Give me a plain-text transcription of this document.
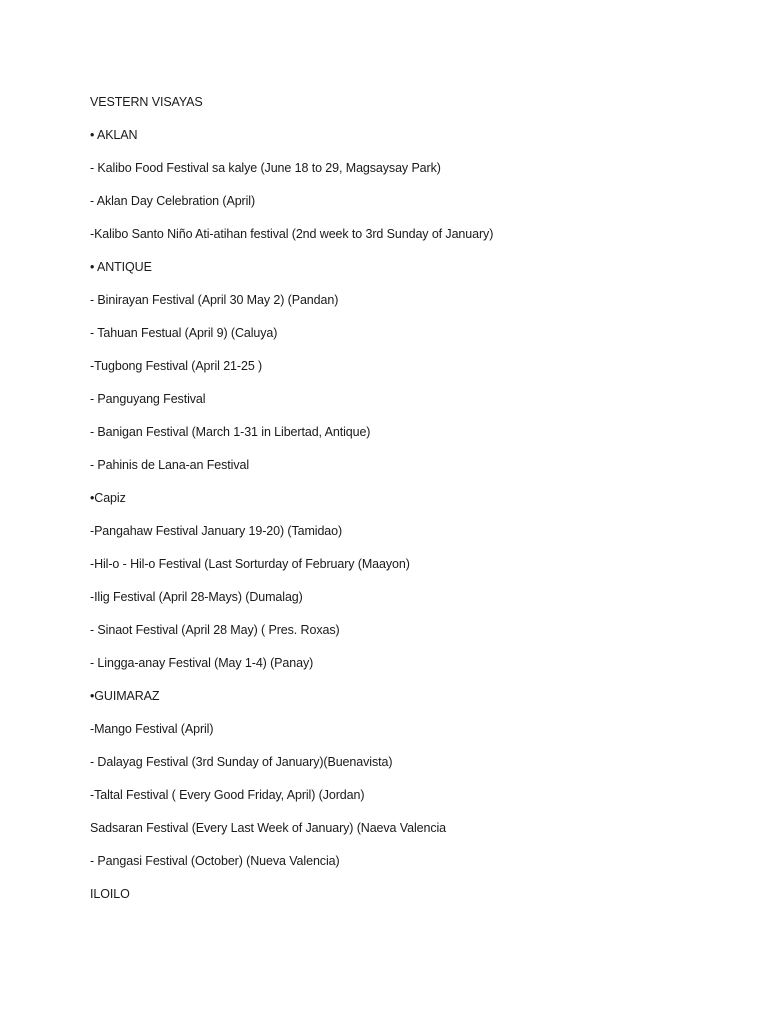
VESTERN VISAYAS
• AKLAN
- Kalibo Food Festival sa kalye (June 18 to 29, Magsaysay Park)
- Aklan Day Celebration (April)
-Kalibo Santo Niño Ati-atihan festival (2nd week to 3rd Sunday of January)
• ANTIQUE
- Binirayan Festival (April 30 May 2) (Pandan)
- Tahuan Festual (April 9) (Caluya)
-Tugbong Festival (April 21-25 )
- Panguyang Festival
- Banigan Festival (March 1-31 in Libertad, Antique)
- Pahinis de Lana-an Festival
•Capiz
-Pangahaw Festival January 19-20) (Tamidao)
-Hil-o - Hil-o Festival (Last Sorturday of February (Maayon)
-Ilig Festival (April 28-Mays) (Dumalag)
- Sinaot Festival (April 28 May) ( Pres. Roxas)
- Lingga-anay Festival (May 1-4) (Panay)
•GUIMARAZ
-Mango Festival (April)
- Dalayag Festival (3rd Sunday of January)(Buenavista)
-Taltal Festival ( Every Good Friday, April) (Jordan)
Sadsaran Festival (Every Last Week of January) (Naeva Valencia
- Pangasi Festival (October) (Nueva Valencia)
ILOILO
